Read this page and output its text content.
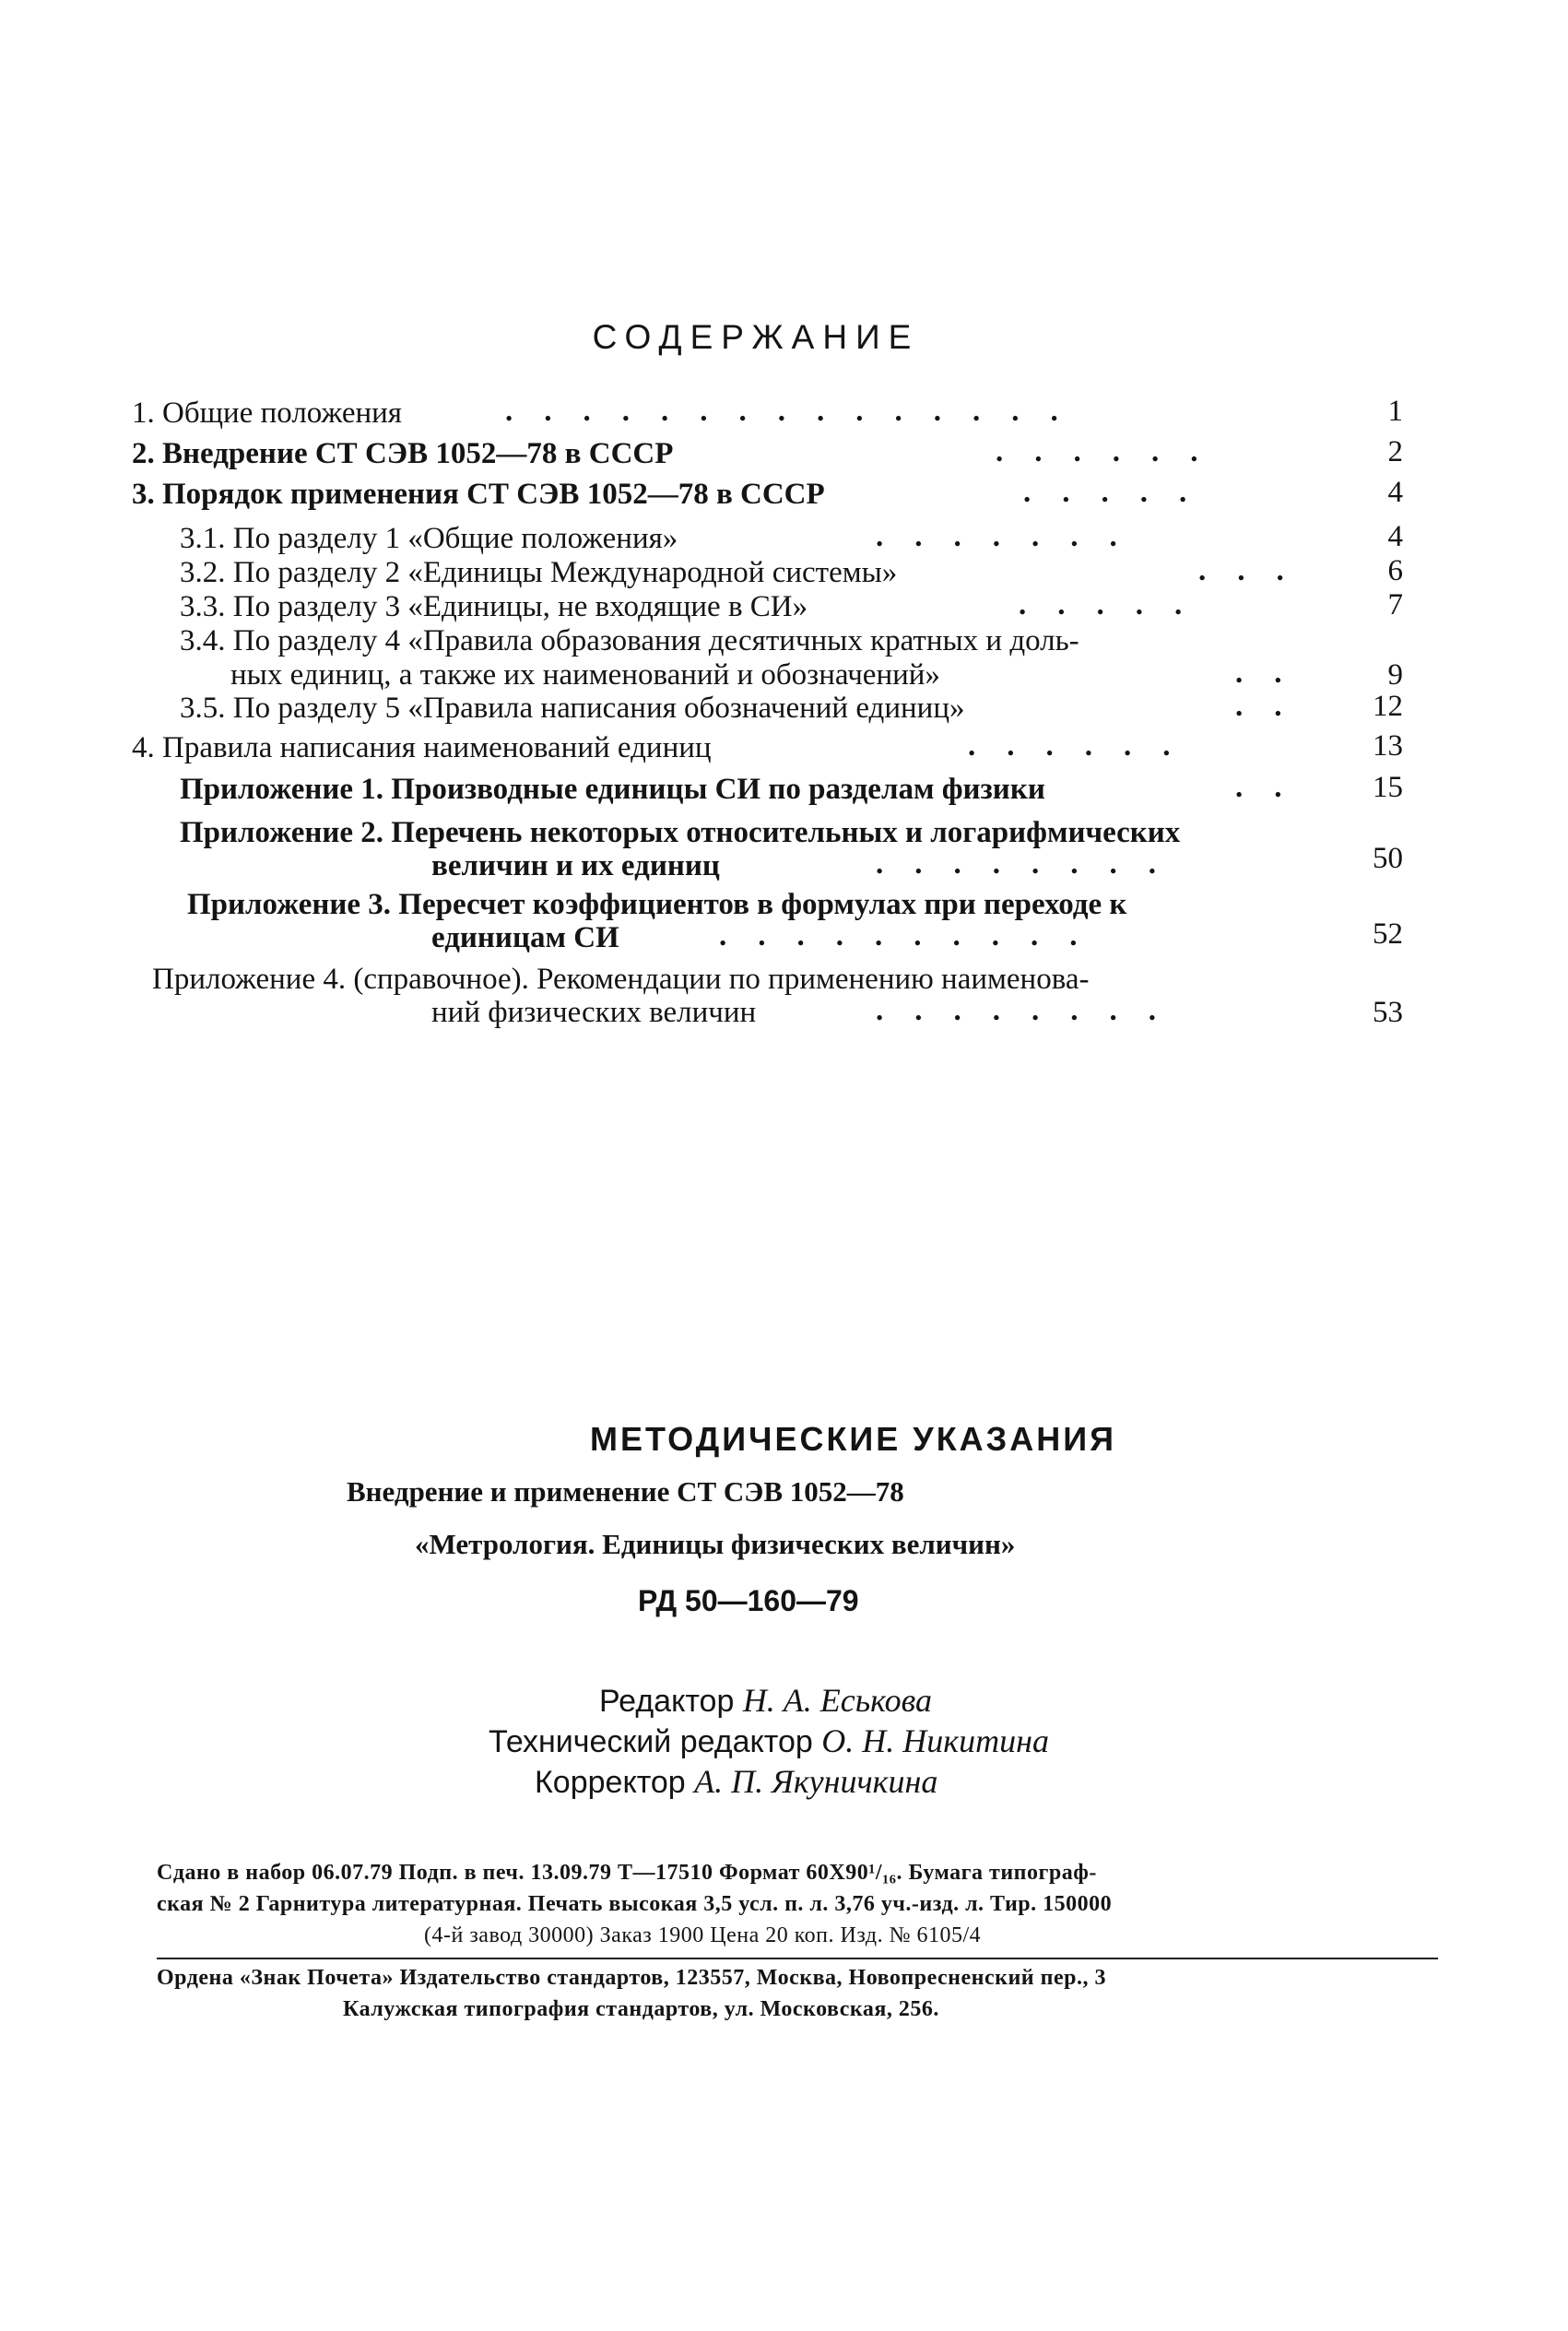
СОДЕРЖАНИЕ
1. Общие положения	...............	1
2. Внедрение СТ СЭВ 1052—78 в СССР	......	2
3. Порядок применения СТ СЭВ 1052—78 в СССР	.....	4
3.1. По разделу 1 «Общие положения»	.......	4
3.2. По разделу 2 «Единицы Международной системы»	...	6
3.3. По разделу 3 «Единицы, не входящие в СИ»	.....	7
3.4. По разделу 4 «Правила образования десятичных кратных и доль-
ных единиц, а также их наименований и обозначений»	..	9
3.5. По разделу 5 «Правила написания обозначений единиц»	..	12
4. Правила написания наименований единиц	......	13
Приложение 1. Производные единицы СИ по разделам физики	..	15
Приложение 2. Перечень некоторых относительных и логарифмических
величин и их единиц	........	50
Приложение 3. Пересчет коэффициентов в формулах при переходе к
единицам СИ	..........	52
Приложение 4. (справочное). Рекомендации по применению наименова-
ний физических величин	........	53
МЕТОДИЧЕСКИЕ УКАЗАНИЯ
Внедрение и применение СТ СЭВ 1052—78
«Метрология. Единицы физических величин»
РД 50—160—79
Редактор Н. А. Еськова
Технический редактор О. Н. Никитина
Корректор А. П. Якуничкина
Сдано в набор 06.07.79 Подп. в печ. 13.09.79 Т—17510 Формат 60Х90¹/₁₆. Бумага типограф-
ская № 2 Гарнитура литературная. Печать высокая 3,5 усл. п. л. 3,76 уч.-изд. л. Тир. 150000
(4-й завод 30000) Заказ 1900 Цена 20 коп. Изд. № 6105/4
Ордена «Знак Почета» Издательство стандартов, 123557, Москва, Новопресненский пер., 3
Калужская типография стандартов, ул. Московская, 256.
